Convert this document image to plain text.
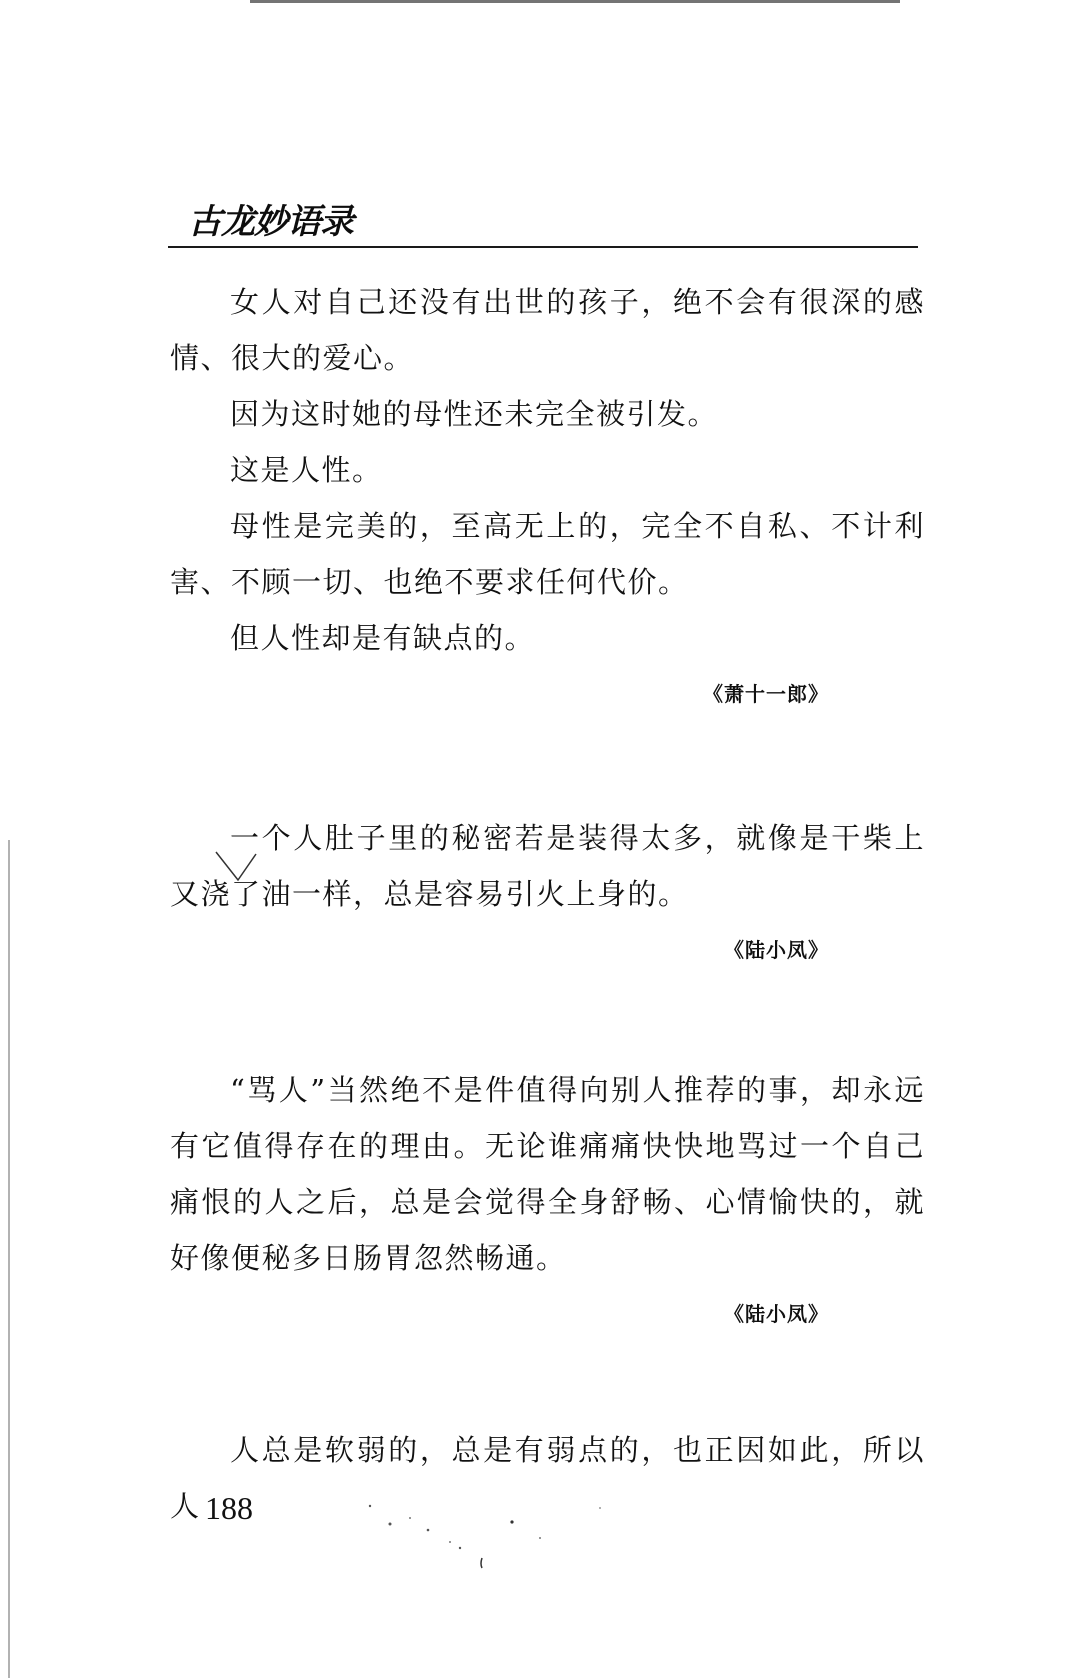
古龙妙语录

女人对自己还没有出世的孩子，绝不会有很深的感情、很大的爱心。

因为这时她的母性还未完全被引发。

这是人性。

母性是完美的，至高无上的，完全不自私、不计利害、不顾一切、也绝不要求任何代价。

但人性却是有缺点的。

《萧十一郎》

一个人肚子里的秘密若是装得太多，就像是干柴上又浇了油一样，总是容易引火上身的。

《陆小凤》

“骂人”当然绝不是件值得向别人推荐的事，却永远有它值得存在的理由。无论谁痛痛快快地骂过一个自己痛恨的人之后，总是会觉得全身舒畅、心情愉快的，就好像便秘多日肠胃忽然畅通。

《陆小凤》

人总是软弱的，总是有弱点的，也正因如此，所以人 188
